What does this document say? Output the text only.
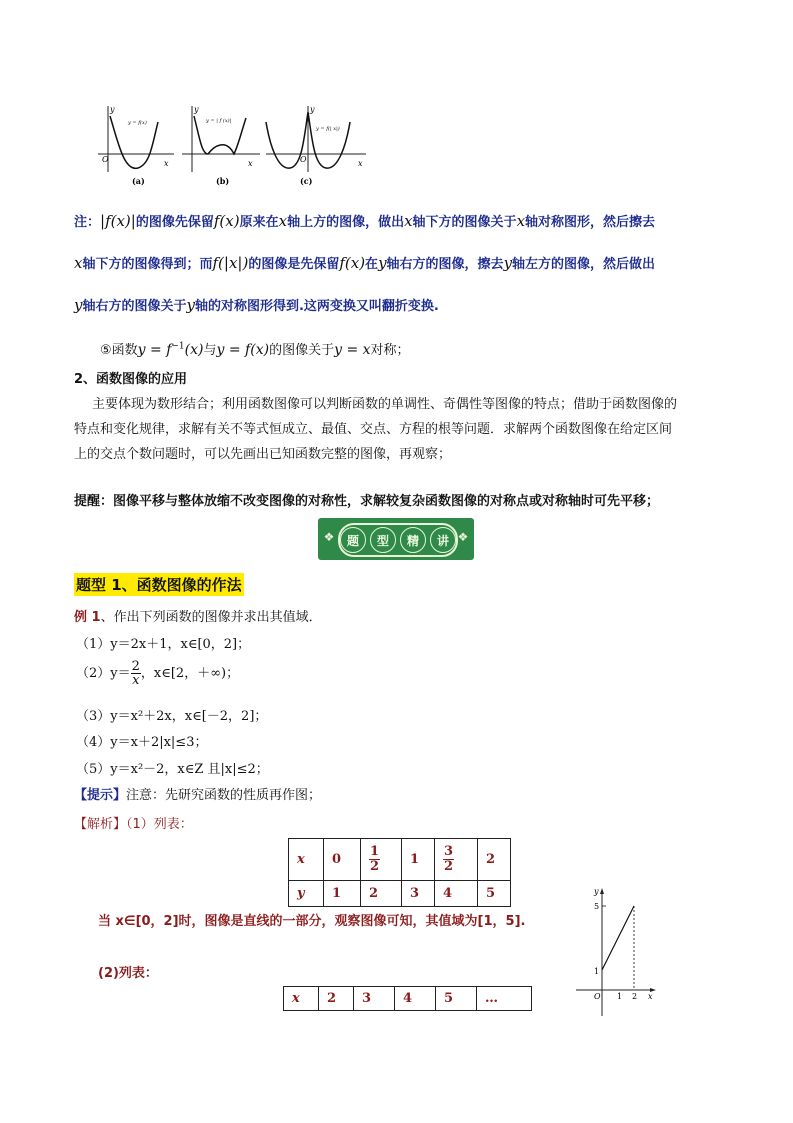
y
y = f(x)
O	x
(a)
y
y = | f (x)|
x
(b)
y
y = f(| x|)
O	x
(c)
注：|f(x)|的图像先保留f(x)原来在x轴上方的图像，做出x轴下方的图像关于x轴对称图形，然后擦去
x轴下方的图像得到；而f(|x|)的图像是先保留f(x)在y轴右方的图像，擦去y轴左方的图像，然后做出
y轴右方的图像关于y轴的对称图形得到.这两变换又叫翻折变换.
⑤函数$y = f^{-1}(x)$与y = f(x)的图像关于y = x对称；
2、函数图像的应用
主要体现为数形结合；利用函数图像可以判断函数的单调性、奇偶性等图像的特点；借助于函数图像的
特点和变化规律，求解有关不等式恒成立、最值、交点、方程的根等问题．求解两个函数图像在给定区间
上的交点个数问题时，可以先画出已知函数完整的图像，再观察；
提醒：图像平移与整体放缩不改变图像的对称性，求解较复杂函数图像的对称点或对称轴时可先平移；
❖	题	型	精	讲 ❖
题型 1、函数图像的作法
例 1、作出下列函数的图像并求出其值域．
（1）y＝2x＋1，x∈[0，2]；
$(2)y= \frac{2}{x}$ ，x∈[2，＋∞)；
（3）y＝x²＋2x，x∈[－2，2]；
（4）y＝x＋2|x|≤3；
（5）y＝x²－2，x∈Z 且|x|≤2；
【提示】注意：先研究函数的性质再作图；
【解析】（1）列表：
x	0	$\frac{1}{2}$	1	$\frac{3}{2}$	2
y	1	2	3	4	5
当 x∈[0，2]时，图像是直线的一部分，观察图像可知，其值域为[1，5].
(2)列表：
x	2	3	4	5	…
y
5
1
O 1 2 x
